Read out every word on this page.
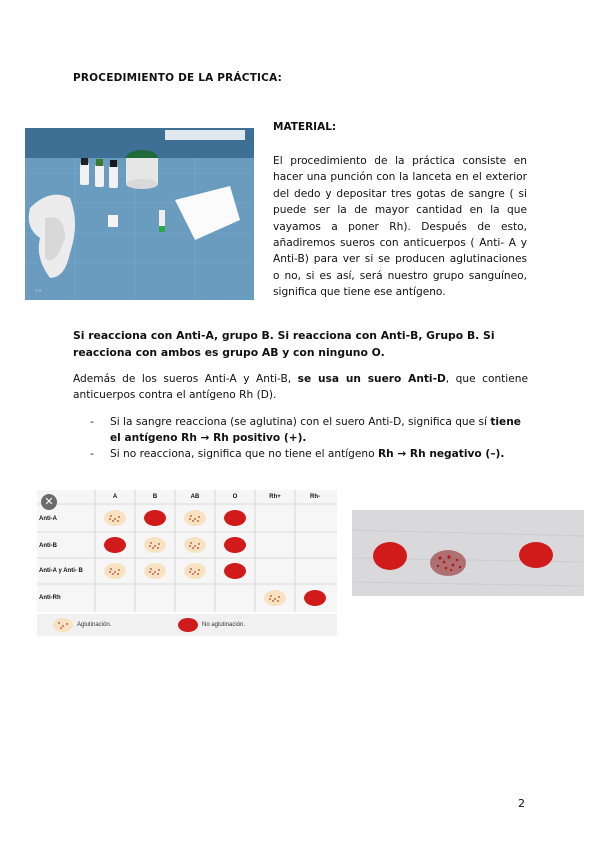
PROCEDIMIENTO DE LA PRÁCTICA:
⚬⚬
MATERIAL:
El procedimiento de la práctica consiste en hacer una punción con la lanceta en el exterior del dedo y depositar tres gotas de sangre ( si puede ser la de mayor cantidad en la que vayamos a poner Rh). Después de esto, añadiremos sueros con anticuerpos ( Anti- A y Anti-B) para ver si se producen aglutinaciones o no, si es así, será nuestro grupo sanguíneo, significa que tiene ese antígeno.
Si reacciona con Anti-A, grupo B. Si reacciona con Anti-B, Grupo B. Si reacciona con ambos es grupo AB y con ninguno O.
Además de los sueros Anti-A y Anti-B, se usa un suero Anti-D, que contiene anticuerpos contra el antígeno Rh (D).
-	Si la sangre reacciona (se aglutina) con el suero Anti-D, significa que sí tiene el antígeno Rh → Rh positivo (+).
-	Si no reacciona, significa que no tiene el antígeno Rh → Rh negativo (–).
✕	A	B	AB	O	Rh+	Rh-
Anti-A
Anti-B
Anti-A y Anti- B
Anti-Rh
Aglutinación.	No aglutinación.
2
